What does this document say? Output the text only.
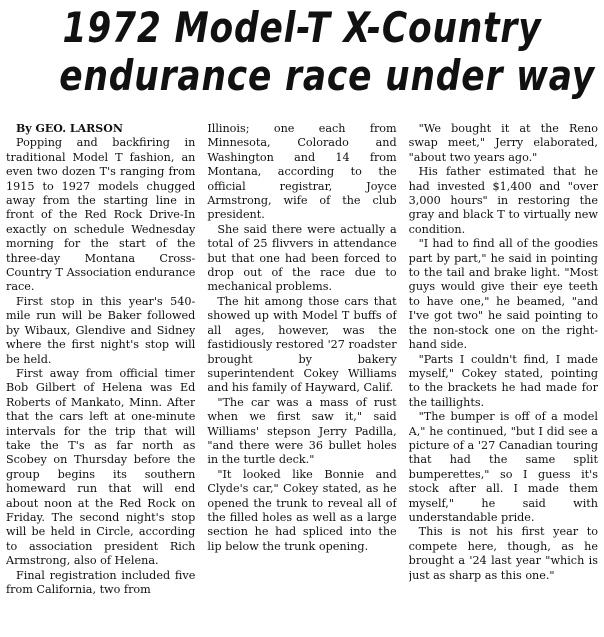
1972 Model-T X-Country
endurance race under way

By GEO. LARSON

Popping and backfiring in traditional Model T fashion, an even two dozen T's ranging from 1915 to 1927 models chugged away from the starting line in front of the Red Rock Drive-In exactly on schedule Wednesday morning for the start of the three-day Montana Cross-Country T Association endurance race.

First stop in this year's 540-mile run will be Baker followed by Wibaux, Glendive and Sidney where the first night's stop will be held.

First away from official timer Bob Gilbert of Helena was Ed Roberts of Mankato, Minn. After that the cars left at one-minute intervals for the trip that will take the T's as far north as Scobey on Thursday before the group begins its southern homeward run that will end about noon at the Red Rock on Friday. The second night's stop will be held in Circle, according to association president Rich Armstrong, also of Helena.

Final registration included five from California, two from

Illinois; one each from Minnesota, Colorado and Washington and 14 from Montana, according to the official registrar, Joyce Armstrong, wife of the club president.

She said there were actually a total of 25 flivvers in attendance but that one had been forced to drop out of the race due to mechanical problems.

The hit among those cars that showed up with Model T buffs of all ages, however, was the fastidiously restored '27 roadster brought by bakery superintendent Cokey Williams and his family of Hayward, Calif.

"The car was a mass of rust when we first saw it," said Williams' stepson Jerry Padilla, "and there were 36 bullet holes in the turtle deck."

"It looked like Bonnie and Clyde's car," Cokey stated, as he opened the trunk to reveal all of the filled holes as well as a large section he had spliced into the lip below the trunk opening.

"We bought it at the Reno swap meet," Jerry elaborated, "about two years ago."

His father estimated that he had invested $1,400 and "over 3,000 hours" in restoring the gray and black T to virtually new condition.

"I had to find all of the goodies part by part," he said in pointing to the tail and brake light. "Most guys would give their eye teeth to have one," he beamed, "and I've got two" he said pointing to the non-stock one on the right-hand side.

"Parts I couldn't find, I made myself," Cokey stated, pointing to the brackets he had made for the taillights.

"The bumper is off of a model A," he continued, "but I did see a picture of a '27 Canadian touring that had the same split bumperettes," so I guess it's stock after all. I made them myself," he said with understandable pride.

This is not his first year to compete here, though, as he brought a '24 last year "which is just as sharp as this one."
